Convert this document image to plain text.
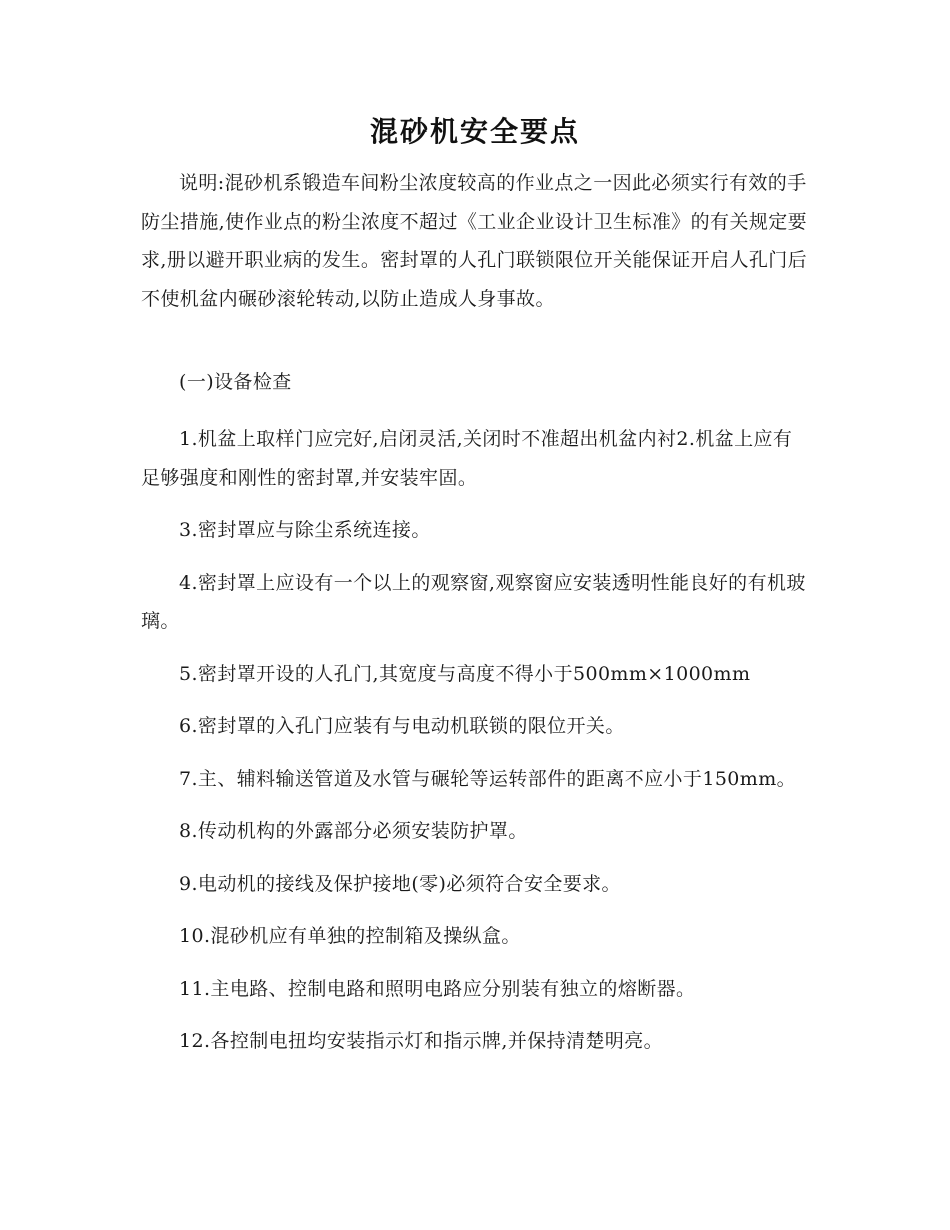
混砂机安全要点

说明:混砂机系锻造车间粉尘浓度较高的作业点之一因此必须实行有效的手防尘措施,使作业点的粉尘浓度不超过《工业企业设计卫生标准》的有关规定要求,册以避开职业病的发生。密封罩的人孔门联锁限位开关能保证开启人孔门后不使机盆内碾砂滚轮转动,以防止造成人身事故。

(一)设备检查

1.机盆上取样门应完好,启闭灵活,关闭时不准超出机盆内衬2.机盆上应有足够强度和刚性的密封罩,并安装牢固。

3.密封罩应与除尘系统连接。

4.密封罩上应设有一个以上的观察窗,观察窗应安装透明性能良好的有机玻璃。

5.密封罩开设的人孔门,其宽度与高度不得小于500mm×1000mm

6.密封罩的入孔门应装有与电动机联锁的限位开关。

7.主、辅料输送管道及水管与碾轮等运转部件的距离不应小于150mm。

8.传动机构的外露部分必须安装防护罩。

9.电动机的接线及保护接地(零)必须符合安全要求。

10.混砂机应有单独的控制箱及操纵盒。

11.主电路、控制电路和照明电路应分别装有独立的熔断器。

12.各控制电扭均安装指示灯和指示牌,并保持清楚明亮。
